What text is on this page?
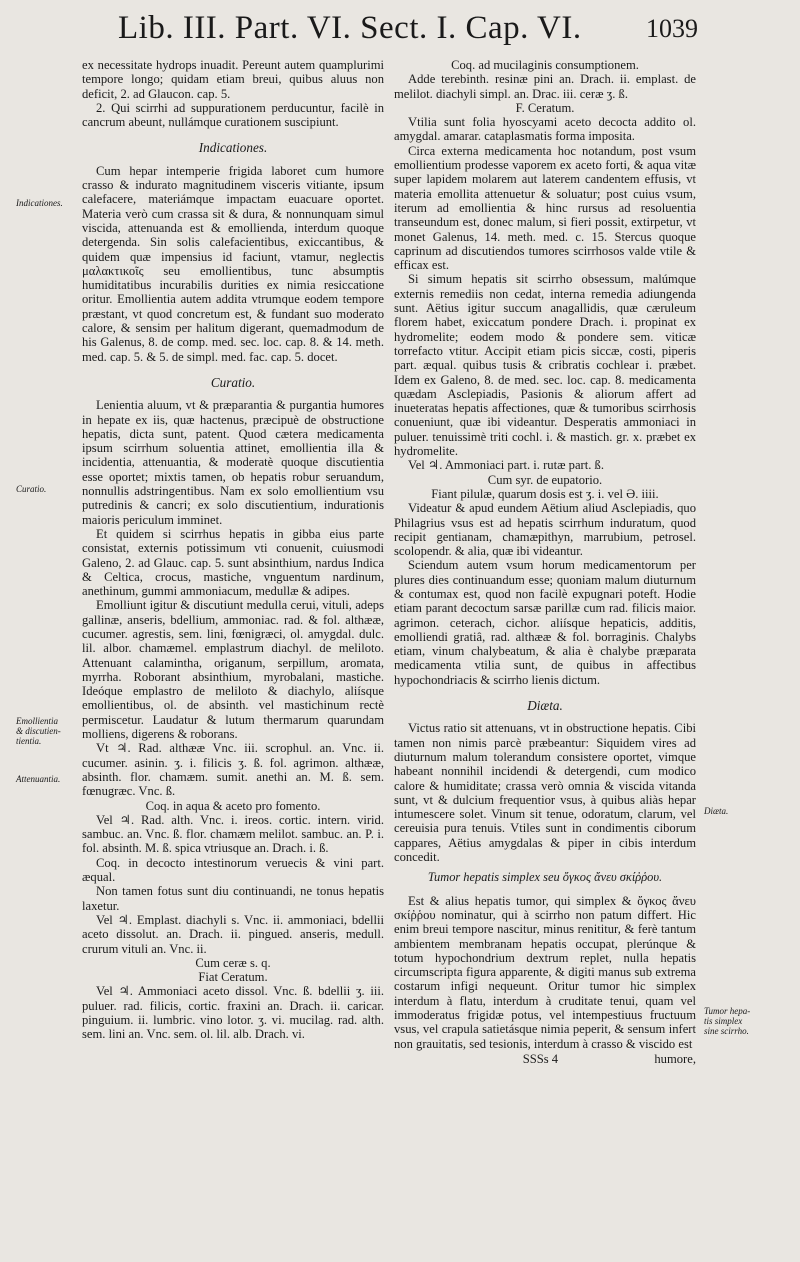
Lib. III. Part. VI. Sect. I. Cap. VI. 1039
Indicationes.
Curatio.
Emollientia
& discutien-
tientia.
Attenuantia.
Diæta.
Tumor hepa-
tis simplex
sine scirrho.

ex necessitate hydrops inuadit. Pereunt autem quamplurimi tempore longo; quidam etiam breui, quibus aluus non deficit, 2. ad Glaucon. cap. 5.

2. Qui scirrhi ad suppurationem perducuntur, facilè in cancrum abeunt, nullámque curationem suscipiunt.

Indicationes.

Cum hepar intemperie frigida laboret cum humore crasso & indurato magnitudinem visceris vitiante, ipsum calefacere, materiámque impactam euacuare oportet. Materia verò cum crassa sit & dura, & nonnunquam simul viscida, attenuanda est & emollienda, interdum quoque detergenda. Sin solis calefacientibus, exiccantibus, & quidem quæ impensius id faciunt, vtamur, neglectis μαλακτικοῖς seu emollientibus, tunc absumptis humiditatibus incurabilis durities ex nimia resiccatione oritur. Emollientia autem addita vtrumque eodem tempore præstant, vt quod concretum est, & fundant suo moderato calore, & sensim per halitum digerant, quemadmodum de his Galenus, 8. de comp. med. sec. loc. cap. 8. & 14. meth. med. cap. 5. & 5. de simpl. med. fac. cap. 5. docet.

Curatio.

Lenientia aluum, vt & præparantia & purgantia humores in hepate ex iis, quæ hactenus, præcipuè de obstructione hepatis, dicta sunt, patent. Quod cætera medicamenta ipsum scirrhum soluentia attinet, emollientia illa & incidentia, attenuantia, & moderatè quoque discutientia esse oportet; mixtis tamen, ob hepatis robur seruandum, nonnullis adstringentibus. Nam ex solo emollientium vsu putredinis & cancri; ex solo discutientium, indurationis maioris periculum imminet.

Et quidem si scirrhus hepatis in gibba eius parte consistat, externis potissimum vti conuenit, cuiusmodi Galeno, 2. ad Glauc. cap. 5. sunt absinthium, nardus Indica & Celtica, crocus, mastiche, vnguentum nardinum, anethinum, gummi ammoniacum, medullæ & adipes.

Emolliunt igitur & discutiunt medulla cerui, vituli, adeps gallinæ, anseris, bdellium, ammoniac. rad. & fol. althææ, cucumer. agrestis, sem. lini, fœnigræci, ol. amygdal. dulc. lil. albor. chamæmel. emplastrum diachyl. de meliloto. Attenuant calamintha, origanum, serpillum, aromata, myrrha. Roborant absinthium, myrobalani, mastiche. Ideóque emplastro de meliloto & diachylo, aliísque emollientibus, ol. de absinth. vel mastichinum rectè permiscetur. Laudatur & lutum thermarum quarundam molliens, digerens & roborans.

Vt ♃. Rad. althææ Vnc. iii. scrophul. an. Vnc. ii. cucumer. asinin. ʒ. i. filicis ʒ. ß. fol. agrimon. althææ, absinth. flor. chamæm. sumit. anethi an. M. ß. sem. fœnugræc. Vnc. ß.

Coq. in aqua & aceto pro fomento.

Vel ♃. Rad. alth. Vnc. i. ireos. cortic. intern. virid. sambuc. an. Vnc. ß. flor. chamæm melilot. sambuc. an. P. i. fol. absinth. M. ß. spica vtriusque an. Drach. i. ß.

Coq. in decocto intestinorum veruecis & vini part. æqual.

Non tamen fotus sunt diu continuandi, ne tonus hepatis laxetur.

Vel ♃. Emplast. diachyli s. Vnc. ii. ammoniaci, bdellii aceto dissolut. an. Drach. ii. pingued. anseris, medull. crurum vituli an. Vnc. ii.

Cum ceræ s. q.

Fiat Ceratum.

Vel ♃. Ammoniaci aceto dissol. Vnc. ß. bdellii ʒ. iii. puluer. rad. filicis, cortic. fraxini an. Drach. ii. caricar. pinguium. ii. lumbric. vino lotor. ʒ. vi. mucilag. rad. alth. sem. lini an. Vnc. sem. ol. lil. alb. Drach. vi.

Coq. ad mucilaginis consumptionem.

Adde terebinth. resinæ pini an. Drach. ii. emplast. de melilot. diachyli simpl. an. Drac. iii. ceræ ʒ. ß.

F. Ceratum.

Vtilia sunt folia hyoscyami aceto decocta addito ol. amygdal. amarar. cataplasmatis forma imposita.

Circa externa medicamenta hoc notandum, post vsum emollientium prodesse vaporem ex aceto forti, & aqua vitæ super lapidem molarem aut laterem candentem effusis, vt materia emollita attenuetur & soluatur; post cuius vsum, iterum ad emollientia & hinc rursus ad resoluentia transeundum est, donec malum, si fieri possit, extirpetur, vt monet Galenus, 14. meth. med. c. 15. Stercus quoque caprinum ad discutiendos tumores scirrhosos valde vtile & efficax est.

Si simum hepatis sit scirrho obsessum, malúmque externis remediis non cedat, interna remedia adiungenda sunt. Aëtius igitur succum anagallidis, quæ cæruleum florem habet, exiccatum pondere Drach. i. propinat ex hydromelite; eodem modo & pondere sem. viticæ torrefacto vtitur. Accipit etiam picis siccæ, costi, piperis part. æqual. quibus tusis & cribratis cochlear i. præbet. Idem ex Galeno, 8. de med. sec. loc. cap. 8. medicamenta quædam Asclepiadis, Pasionis & aliorum affert ad inueteratas hepatis affectiones, quæ & tumoribus scirrhosis conueniunt, quæ ibi videantur. Desperatis ammoniaci in puluer. tenuissimè triti cochl. i. & mastich. gr. x. præbet ex hydromelite.

Vel ♃. Ammoniaci part. i. rutæ part. ß.

Cum syr. de eupatorio.

Fiant pilulæ, quarum dosis est ʒ. i. vel Ə. iiii.

Videatur & apud eundem Aëtium aliud Asclepiadis, quo Philagrius vsus est ad hepatis scirrhum induratum, quod recipit gentianam, chamæpithyn, marrubium, petrosel. scolopendr. & alia, quæ ibi videantur.

Sciendum autem vsum horum medicamentorum per plures dies continuandum esse; quoniam malum diuturnum & contumax est, quod non facilè expugnari poteft. Hodie etiam parant decoctum sarsæ parillæ cum rad. filicis maior. agrimon. ceterach, cichor. aliísque hepaticis, additis, emolliendi gratiâ, rad. althææ & fol. borraginis. Chalybs etiam, vinum chalybeatum, & alia è chalybe præparata medicamenta vtilia sunt, de quibus in affectibus hypochondriacis & scirrho lienis dictum.

Diæta.

Victus ratio sit attenuans, vt in obstructione hepatis. Cibi tamen non nimis parcè præbeantur: Siquidem vires ad diuturnum malum tolerandum consistere oportet, vimque habeant nonnihil incidendi & detergendi, cum modico calore & humiditate; crassa verò omnia & viscida vitanda sunt, vt & dulcium frequentior vsus, à quibus aliàs hepar intumescere solet. Vinum sit tenue, odoratum, clarum, vel cereuisia pura tenuis. Vtiles sunt in condimentis ciborum cappares, Aëtius amygdalas & piper in cibis interdum concedit.

Tumor hepatis simplex seu ὄγκος ἄνευ σκίῤῥου.

Est & alius hepatis tumor, qui simplex & ὄγκος ἄνευ σκίῤῥου nominatur, qui à scirrho non patum differt. Hic enim breui tempore nascitur, minus renititur, & ferè tantum ambientem membranam hepatis occupat, plerúnque & totum hypochondrium dextrum replet, nulla hepatis circumscripta figura apparente, & digiti manus sub extrema costarum infigi nequeunt. Oritur tumor hic simplex interdum à flatu, interdum à cruditate tenui, quam vel immoderatus frigidæ potus, vel intempestiuus fructuum vsus, vel crapula satietásque nimia peperit, & sensum infert non grauitatis, sed tesionis, interdum à crasso & viscido est

SSSs 4	humore,
